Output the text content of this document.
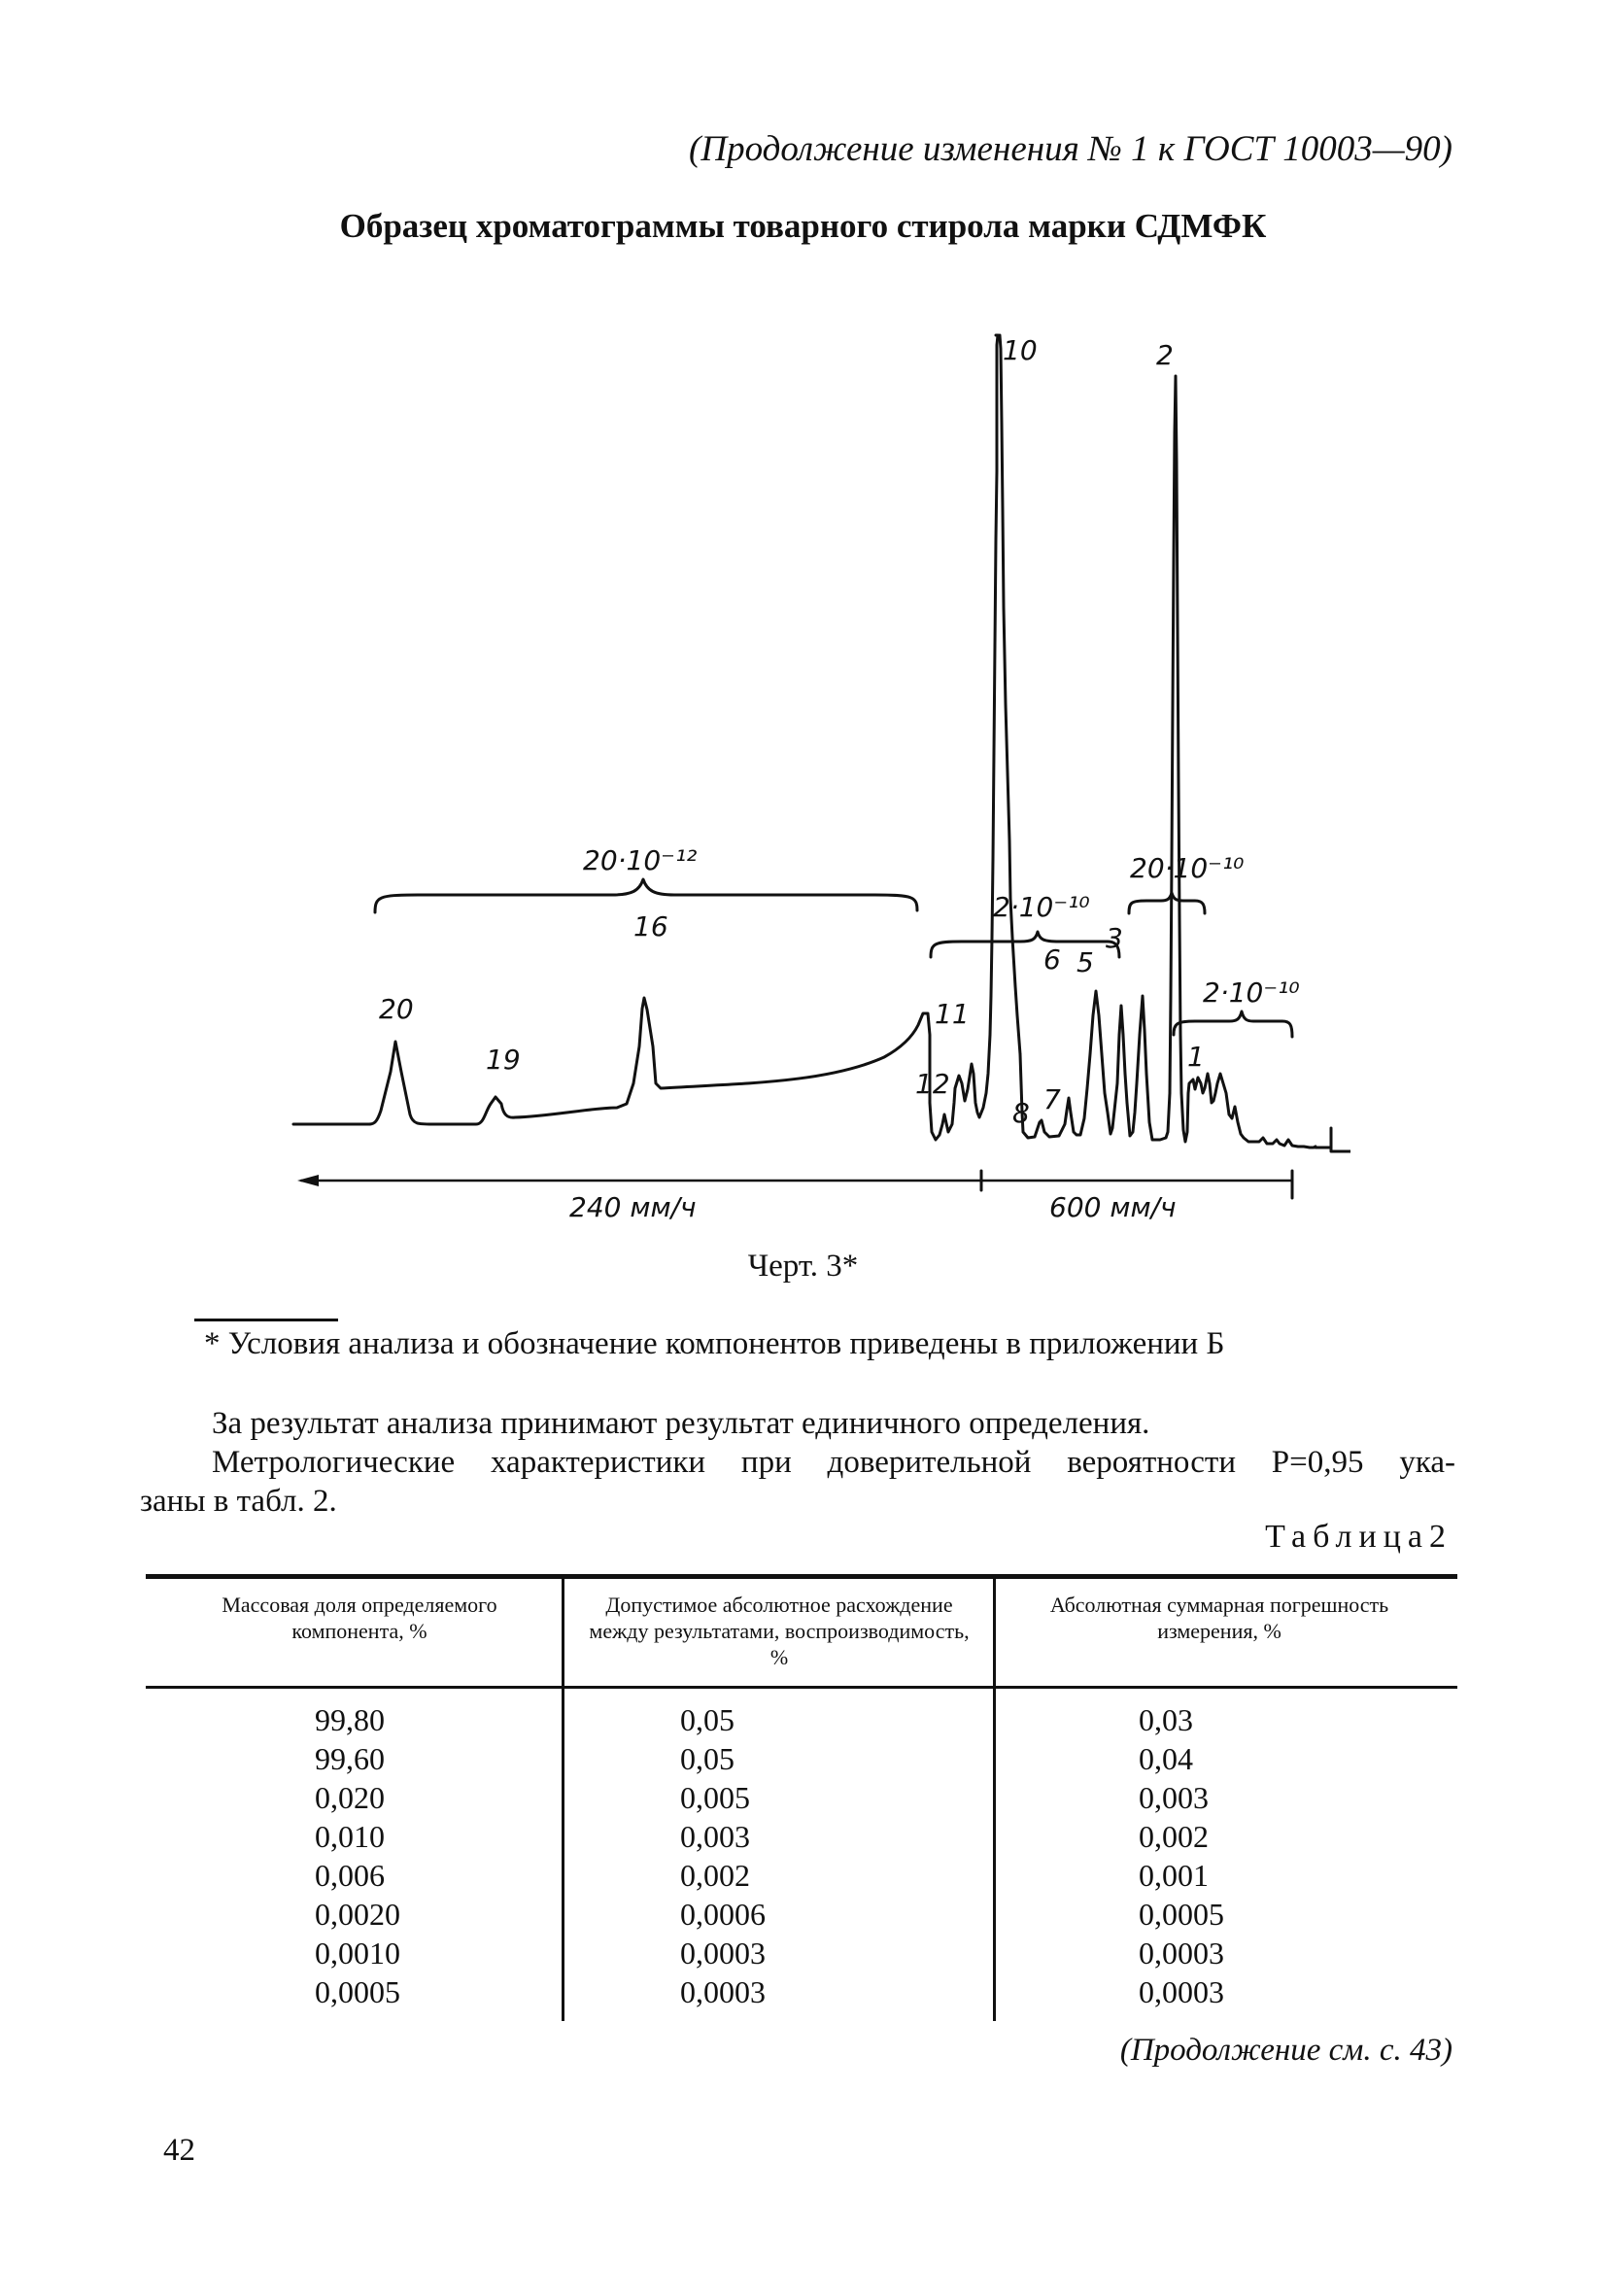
(Продолжение изменения № 1 к ГОСТ 10003—90)
Образец хроматограммы товарного стирола марки СДМФК
20
19
16
12
11
10
8 7
6 5
3
2
1
20·10⁻¹²
2·10⁻¹⁰
20·10⁻¹⁰
2·10⁻¹⁰
240 мм/ч	600 мм/ч
Черт. 3*
* Условия анализа и обозначение компонентов приведены в приложении Б
За результат анализа принимают результат единичного определения.
Метрологические характеристики при доверительной вероятности P=0,95 ука-
заны в табл. 2.
Таблица2
Массовая доля определяемого компонента, %
Допустимое абсолютное расхождение между результатами, воспроизводимость, %
Абсолютная суммарная погрешность измерения, %
99,80
99,60
0,020
0,010
0,006
0,0020
0,0010
0,0005
0,05
0,05
0,005
0,003
0,002
0,0006
0,0003
0,0003
0,03
0,04
0,003
0,002
0,001
0,0005
0,0003
0,0003
(Продолжение см. с. 43)
42
